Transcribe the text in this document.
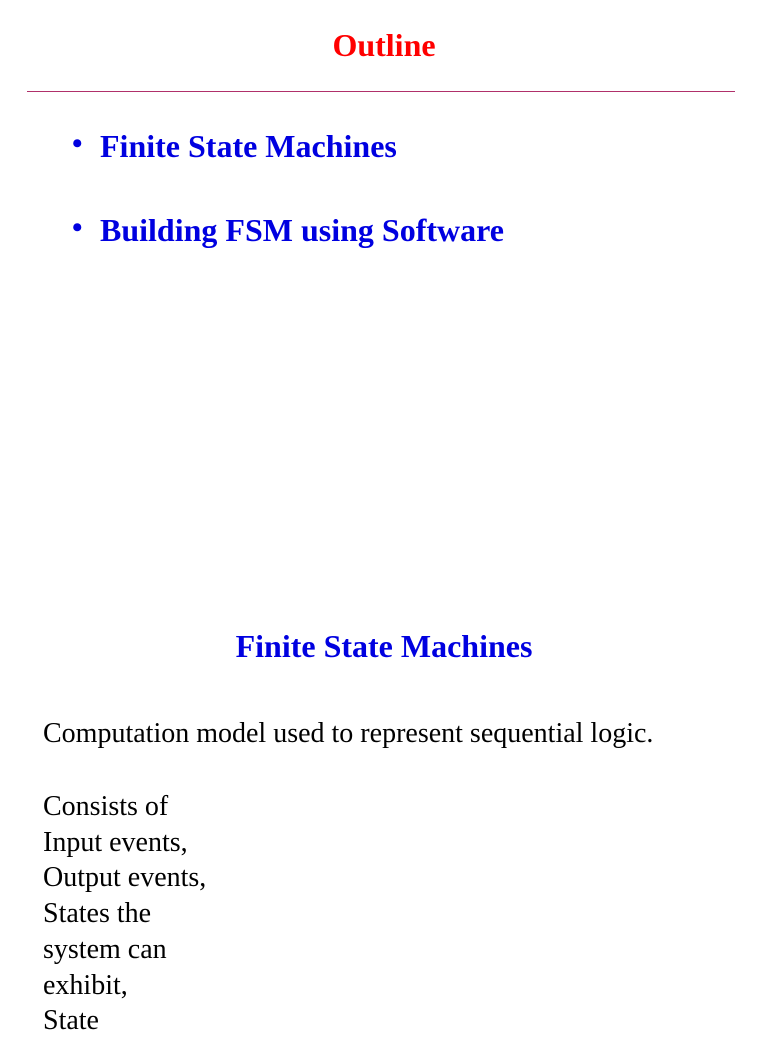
Outline
• Finite State Machines
• Building FSM using Software
Finite State Machines
Computation model used to represent sequential logic.
Consists of
Input events,
Output events,
States the
system can
exhibit,
State
